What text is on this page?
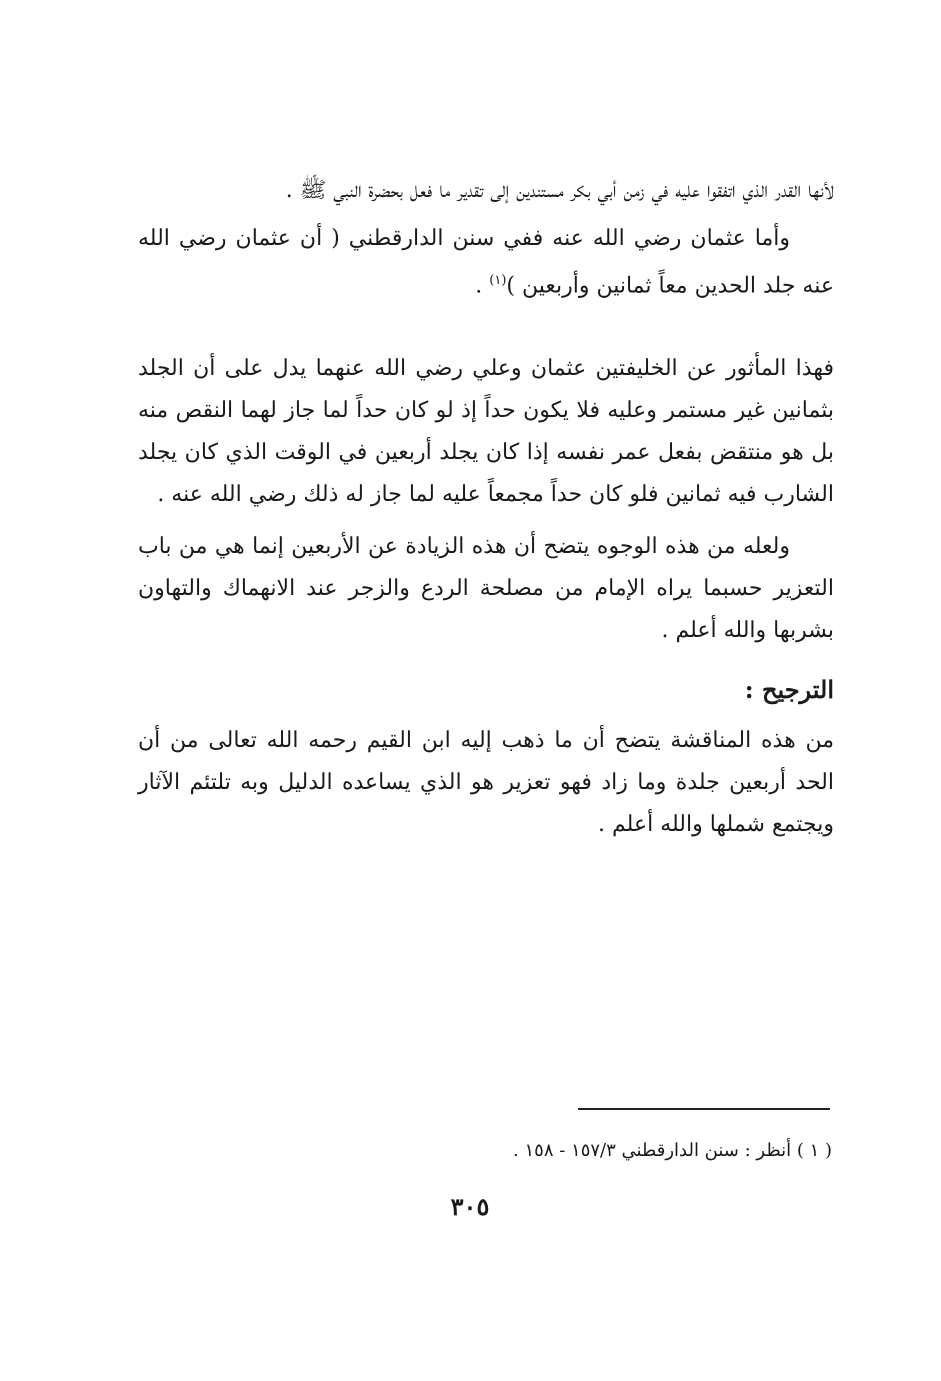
لأنها القدر الذي اتفقوا عليه في زمن أبي بكر مستندين إلى تقدير ما فعل بحضرة النبي ﷺ .

وأما عثمان رضي الله عنه ففي سنن الدارقطني ( أن عثمان رضي الله عنه جلد الحدين معاً ثمانين وأربعين )$^{(١)}$ .

فهذا المأثور عن الخليفتين عثمان وعلي رضي الله عنهما يدل على أن الجلد بثمانين غير مستمر وعليه فلا يكون حداً إذ لو كان حداً لما جاز لهما النقص منه بل هو منتقض بفعل عمر نفسه إذا كان يجلد أربعين في الوقت الذي كان يجلد الشارب فيه ثمانين فلو كان حداً مجمعاً عليه لما جاز له ذلك رضي الله عنه .

ولعله من هذه الوجوه يتضح أن هذه الزيادة عن الأربعين إنما هي من باب التعزير حسبما يراه الإمام من مصلحة الردع والزجر عند الانهماك والتهاون بشربها والله أعلم .

الترجيح :

من هذه المناقشة يتضح أن ما ذهب إليه ابن القيم رحمه الله تعالى من أن الحد أربعين جلدة وما زاد فهو تعزير هو الذي يساعده الدليل وبه تلتئم الآثار ويجتمع شملها والله أعلم .

( ١ ) أنظر : سنن الدارقطني ١٥٧/٣ - ١٥٨ .
٣٠٥
